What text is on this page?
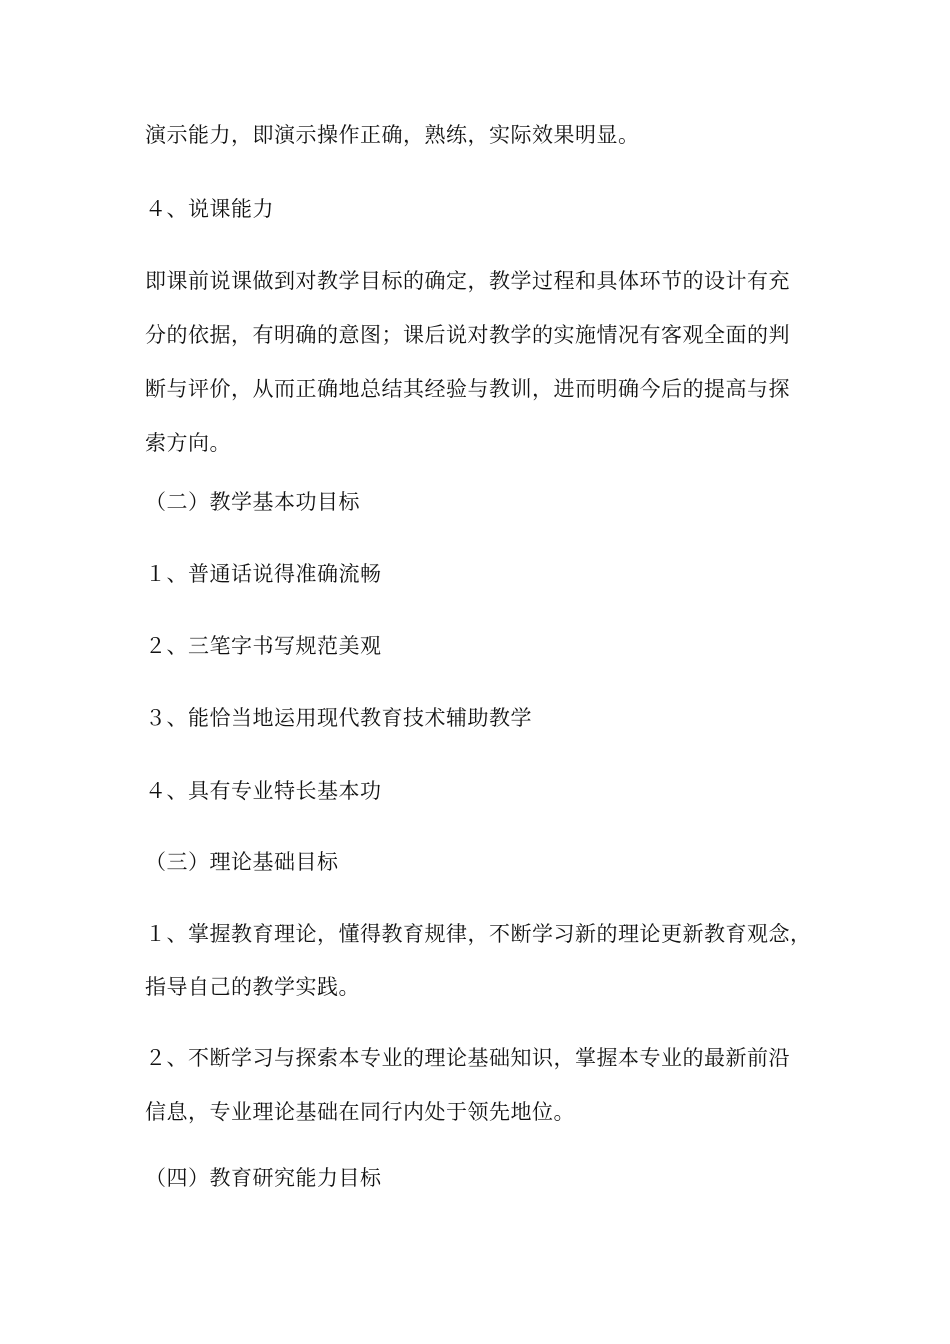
演示能力，即演示操作正确，熟练，实际效果明显。
４、说课能力
即课前说课做到对教学目标的确定，教学过程和具体环节的设计有充
分的依据，有明确的意图；课后说对教学的实施情况有客观全面的判
断与评价，从而正确地总结其经验与教训，进而明确今后的提高与探
索方向。
（二）教学基本功目标
１、普通话说得准确流畅
２、三笔字书写规范美观
３、能恰当地运用现代教育技术辅助教学
４、具有专业特长基本功
（三）理论基础目标
１、掌握教育理论，懂得教育规律，不断学习新的理论更新教育观念，
指导自己的教学实践。
２、不断学习与探索本专业的理论基础知识，掌握本专业的最新前沿
信息，专业理论基础在同行内处于领先地位。
（四）教育研究能力目标
